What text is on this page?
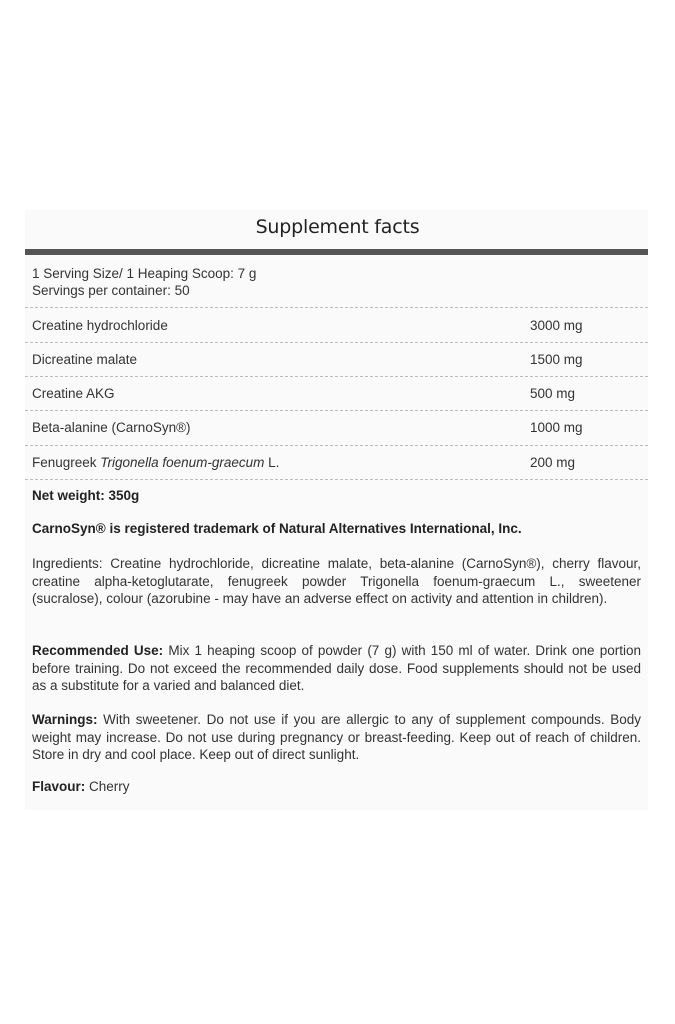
Supplement facts
1 Serving Size/ 1 Heaping Scoop: 7 g
Servings per container: 50
Creatine hydrochloride	3000 mg
Dicreatine malate	1500 mg
Creatine AKG	500 mg
Beta-alanine (CarnoSyn®)	1000 mg
Fenugreek Trigonella foenum-graecum L.	200 mg
Net weight: 350g
CarnoSyn® is registered trademark of Natural Alternatives International, Inc.
Ingredients: Creatine hydrochloride, dicreatine malate, beta-alanine (CarnoSyn®), cherry flavour, creatine alpha-ketoglutarate, fenugreek powder Trigonella foenum-graecum L., sweetener (sucralose), colour (azorubine - may have an adverse effect on activity and attention in children).
Recommended Use: Mix 1 heaping scoop of powder (7 g) with 150 ml of water. Drink one portion before training. Do not exceed the recommended daily dose. Food supplements should not be used as a substitute for a varied and balanced diet.
Warnings: With sweetener. Do not use if you are allergic to any of supplement compounds. Body weight may increase. Do not use during pregnancy or breast-feeding. Keep out of reach of children. Store in dry and cool place. Keep out of direct sunlight.
Flavour: Cherry
